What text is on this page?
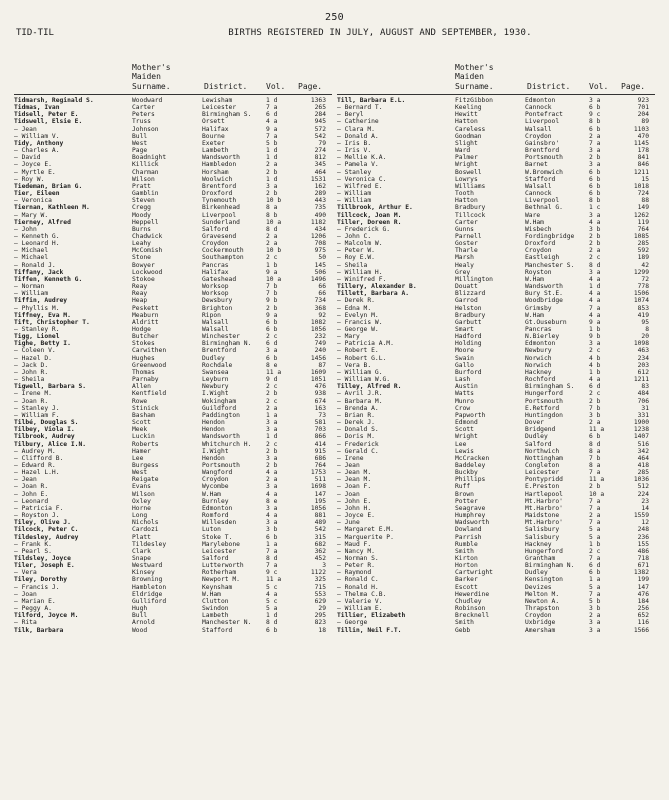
250
TID-TIL	BIRTHS REGISTERED IN JULY, AUGUST AND SEPTEMBER, 1930.
Mother's Maiden Surname.	District. Vol. Page.
Tidmarsh, Reginald S.	Woodward	Lewisham	1 d	1363
Tidmas, Ivan	Carter	Leicester	7 a	265
Tidsell, Peter E.	Peters	Birmingham S.	6 d	284
Tidswell, Elsie E.	Truss	Orsett	4 a	945
— Jean	Johnson	Halifax	9 a	572
— William V.	Bull	Bourne	7 a	542
Tidy, Anthony	West	Exeter	5 b	79
— Charles A.	Page	Lambeth	1 d	274
— David	Boadnight	Wandsworth	1 d	812
— Joyce E.	Killick	Hambledon	2 a	345
— Myrtle E.	Charman	Horsham	2 b	464
— Roy W.	Wilson	Woolwich	1 d	1531
Tiedeman, Brian G.	Pratt	Brentford	3 a	162
Tier, Eileen	Gamblin	Droxford	2 b	289
— Veronica	Steven	Tynemouth	10 b	443
Tiernan, Kathleen M.	Cregg	Birkenhead	8 a	735
— Mary W.	Moody	Liverpool	8 b	490
Tierney, Alfred	Heppell	Sunderland	10 a	1182
— John	Burns	Salford	8 d	434
— Kenneth G.	Chadwick	Gravesend	2 a	1206
— Leonard H.	Leahy	Croydon	2 a	708
— Michael	McComish	Cockermouth	10 b	975
— Michael	Stone	Southampton	2 c	50
— Ronald J.	Bowyer	Pancras	1 b	145
Tiffany, Jack	Lockwood	Halifax	9 a	506
Tiffen, Kenneth G.	Stokoe	Gateshead	10 a	1496
— Norman	Reay	Worksop	7 b	66
— William	Reay	Worksop	7 b	66
Tiffin, Audrey	Heap	Dewsbury	9 b	734
— Phyllis M.	Peskett	Brighton	2 b	368
Tiffney, Eva M.	Meaburn	Ripon	9 a	92
Tift, Christopher T.	Aldritt	Walsall	6 b	1082
— Stanley R.	Hodge	Walsall	6 b	1056
Tigg, Lionel	Butcher	Winchester	2 c	232
Tighe, Betty I.	Stokes	Birmingham N.	6 d	749
— Coleen V.	Carwithen	Brentford	3 a	240
— Hazel D.	Hughes	Dudley	6 b	1456
— Jack D.	Greenwood	Rochdale	8 e	87
— John R.	Thomas	Swansea	11 a	1609
— Sheila	Parnaby	Leyburn	9 d	1051
Tigwell, Barbara S.	Allen	Newbury	2 c	476
— Irene M.	Kentfield	I.Wight	2 b	938
— Joan R.	Rowe	Wokingham	2 c	674
— Stanley J.	Stinick	Guildford	2 a	163
— William F.	Basham	Paddington	1 a	73
Tilbé, Douglas S.	Scott	Hendon	3 a	581
Tilbey, Viola I.	Meek	Hendon	3 a	703
Tilbrook, Audrey	Luckin	Wandsworth	1 d	866
Tilbury, Alice I.N.	Roberts	Whitchurch H.	2 c	414
— Audrey M.	Hamer	I.Wight	2 b	915
— Clifford B.	Lee	Hendon	3 a	686
— Edward R.	Burgess	Portsmouth	2 b	764
— Hazel L.H.	West	Wangford	4 a	1753
— Jean	Reigate	Croydon	2 a	511
— Joan R.	Evans	Wycombe	3 a	1698
— John E.	Wilson	W.Ham	4 a	147
— Leonard	Oxley	Burnley	8 e	195
— Patricia F.	Horne	Edmonton	3 a	1056
— Royston J.	Long	Romford	4 a	881
Tiley, Olive J.	Nichols	Willesden	3 a	489
Tilcock, Peter C.	Cardozi	Luton	3 b	542
Tildesley, Audrey	Platt	Stoke T.	6 b	315
— Frank K.	Tildesley	Marylebone	1 a	682
— Pearl S.	Clark	Leicester	7 a	362
Tildsley, Joyce	Snape	Salford	8 d	452
Tiler, Joseph E.	Westward	Lutterworth	7 a	3
— Vera	Kinsey	Rotherham	9 c	1122
Tiley, Dorothy	Browning	Newport M.	11 a	325
— Francis J.	Hambleton	Keynsham	5 c	715
— Joan	Eldridge	W.Ham	4 a	553
— Marian E.	Gulliford	Clutton	5 c	629
— Peggy A.	Hugh	Swindon	5 a	29
Tilford, Joyce M.	Bull	Lambeth	1 d	295
— Rita	Arnold	Manchester N.	8 d	823
Tilk, Barbara	Wood	Stafford	6 b	18
Mother's Maiden Surname.	District. Vol. Page.
Till, Barbara E.L.	FitzGibbon	Edmonton	3 a	923
— Bernard T.	Keeling	Cannock	6 b	701
— Beryl	Hewitt	Pontefract	9 c	204
— Catherine	Hatton	Liverpool	8 b	89
— Clara M.	Careless	Walsall	6 b	1103
— Donald A.	Goodman	Croydon	2 a	470
— Iris B.	Slight	Gainsbro'	7 a	1145
— Iris V.	Ward	Brentford	3 a	178
— Mellie K.A.	Palmer	Portsmouth	2 b	841
— Pamela V.	Wright	Barnet	3 a	846
— Stanley	Boswell	W.Bromwich	6 b	1211
— Veronica C.	Lowrys	Stafford	6 b	15
— Wilfred E.	Williams	Walsall	6 b	1018
— William	Tooth	Cannock	6 b	724
— William	Hatton	Liverpool	8 b	88
Tillbrook, Arthur E.	Bradbury	Bethnal G.	1 c	149
Tillcock, Joan M.	Tillcock	Ware	3 a	1262
Tiller, Doreen R.	Carter	W.Ham	4 a	119
— Frederick G.	Gunns	Wisbech	3 b	764
— John C.	Parnell	Fordingbridge	2 b	1085
— Malcolm W.	Goster	Droxford	2 b	285
— Peter W.	Tharle	Croydon	2 a	592
— Roy E.W.	Marsh	Eastleigh	2 c	189
— Sheila	Healy	Manchester S.	8 d	42
— William H.	Grey	Royston	3 a	1299
— Winifred F.	Millington	W.Ham	4 a	72
Tillery, Alexander B.	Douatt	Wandsworth	1 d	778
Tillett, Barbara A.	Blizzard	Bury St.E.	4 a	1506
— Derek R.	Garrod	Woodbridge	4 a	1074
— Edna M.	Helston	Grimsby	7 a	853
— Evelyn M.	Bradbury	W.Ham	4 a	419
— Francis W.	Garbutt	Gt.Ouseburn	9 a	95
— George W.	Smart	Pancras	1 b	8
— Mary	Hadford	N.Bierley	9 b	20
— Patricia A.M.	Holding	Edmonton	3 a	1098
— Robert E.	Moore	Newbury	2 c	463
— Robert G.L.	Swain	Norwich	4 b	234
— Vera B.	Gallo	Norwich	4 b	203
— William G.	Burford	Hackney	1 b	612
— William W.G.	Lash	Rochford	4 a	1211
Tilley, Alfred R.	Austin	Birmingham S.	6 d	83
— Avril J.R.	Watts	Hungerford	2 c	484
— Barbara M.	Munro	Portsmouth	2 b	706
— Brenda A.	Crow	E.Retford	7 b	31
— Brian R.	Papworth	Huntingdon	3 b	331
— Derek J.	Edmond	Dover	2 a	1900
— Donald S.	Scott	Bridgend	11 a	1238
— Doris M.	Wright	Dudley	6 b	1407
— Frederick	Lee	Salford	8 d	516
— Gerald C.	Lewis	Northwich	8 a	342
— Irene	McCracken	Nottingham	7 b	464
— Jean	Baddeley	Congleton	8 a	418
— Jean M.	Buckby	Leicester	7 a	285
— Jean M.	Phillips	Pontypridd	11 a	1036
— Joan F.	Ruff	E.Preston	2 b	512
— Joan	Brown	Hartlepool	10 a	224
— John E.	Potter	Mt.Harbro'	7 a	23
— John H.	Seagrave	Mt.Harbro'	7 a	14
— Joyce E.	Humphrey	Maidstone	2 a	1559
— June	Wadsworth	Mt.Harbro'	7 a	12
— Margaret E.M.	Dowland	Salisbury	5 a	248
— Marguerite P.	Parrish	Salisbury	5 a	236
— Maud F.	Rumble	Hackney	1 b	155
— Nancy M.	Smith	Hungerford	2 c	486
— Norman S.	Kirton	Grantham	7 a	718
— Peter R.	Horton	Birmingham N.	6 d	671
— Raymond	Cartwright	Dudley	6 b	1382
— Ronald C.	Barker	Kensington	1 a	199
— Ronald H.	Escott	Devizes	5 a	147
— Thelma C.B.	Hewerdine	Melton M.	7 a	476
— Valerie V.	Chudley	Newton A.	5 b	184
— William E.	Robinson	Thrapston	3 b	256
Tillier, Elizabeth	Brecknell	Croydon	2 a	652
— George	Smith	Uxbridge	3 a	116
Tillin, Neil F.T.	Gebb	Amersham	3 a	1566
